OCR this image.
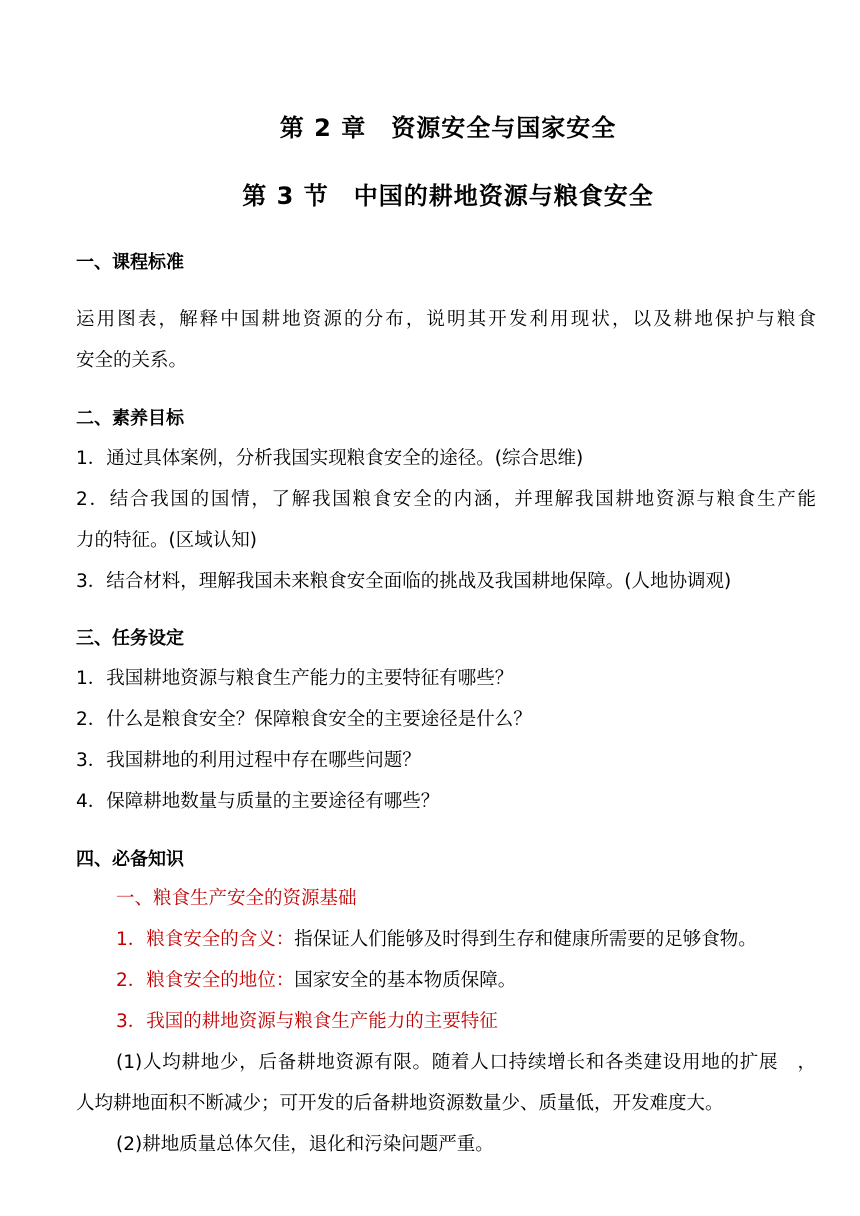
第 2 章　资源安全与国家安全
第 3 节　中国的耕地资源与粮食安全
一、课程标准
运用图表，解释中国耕地资源的分布，说明其开发利用现状，以及耕地保护与粮食
安全的关系。
二、素养目标
1．通过具体案例，分析我国实现粮食安全的途径。(综合思维)
2．结合我国的国情，了解我国粮食安全的内涵，并理解我国耕地资源与粮食生产能
力的特征。(区域认知)
3．结合材料，理解我国未来粮食安全面临的挑战及我国耕地保障。(人地协调观)
三、任务设定
1．我国耕地资源与粮食生产能力的主要特征有哪些？
2．什么是粮食安全？保障粮食安全的主要途径是什么？
3．我国耕地的利用过程中存在哪些问题？
4．保障耕地数量与质量的主要途径有哪些？
四、必备知识
一、粮食生产安全的资源基础
1．粮食安全的含义：指保证人们能够及时得到生存和健康所需要的足够食物。
2．粮食安全的地位：国家安全的基本物质保障。
3．我国的耕地资源与粮食生产能力的主要特征
(1)人均耕地少，后备耕地资源有限。随着人口持续增长和各类建设用地的扩展　，
人均耕地面积不断减少；可开发的后备耕地资源数量少、质量低，开发难度大。
(2)耕地质量总体欠佳，退化和污染问题严重。
